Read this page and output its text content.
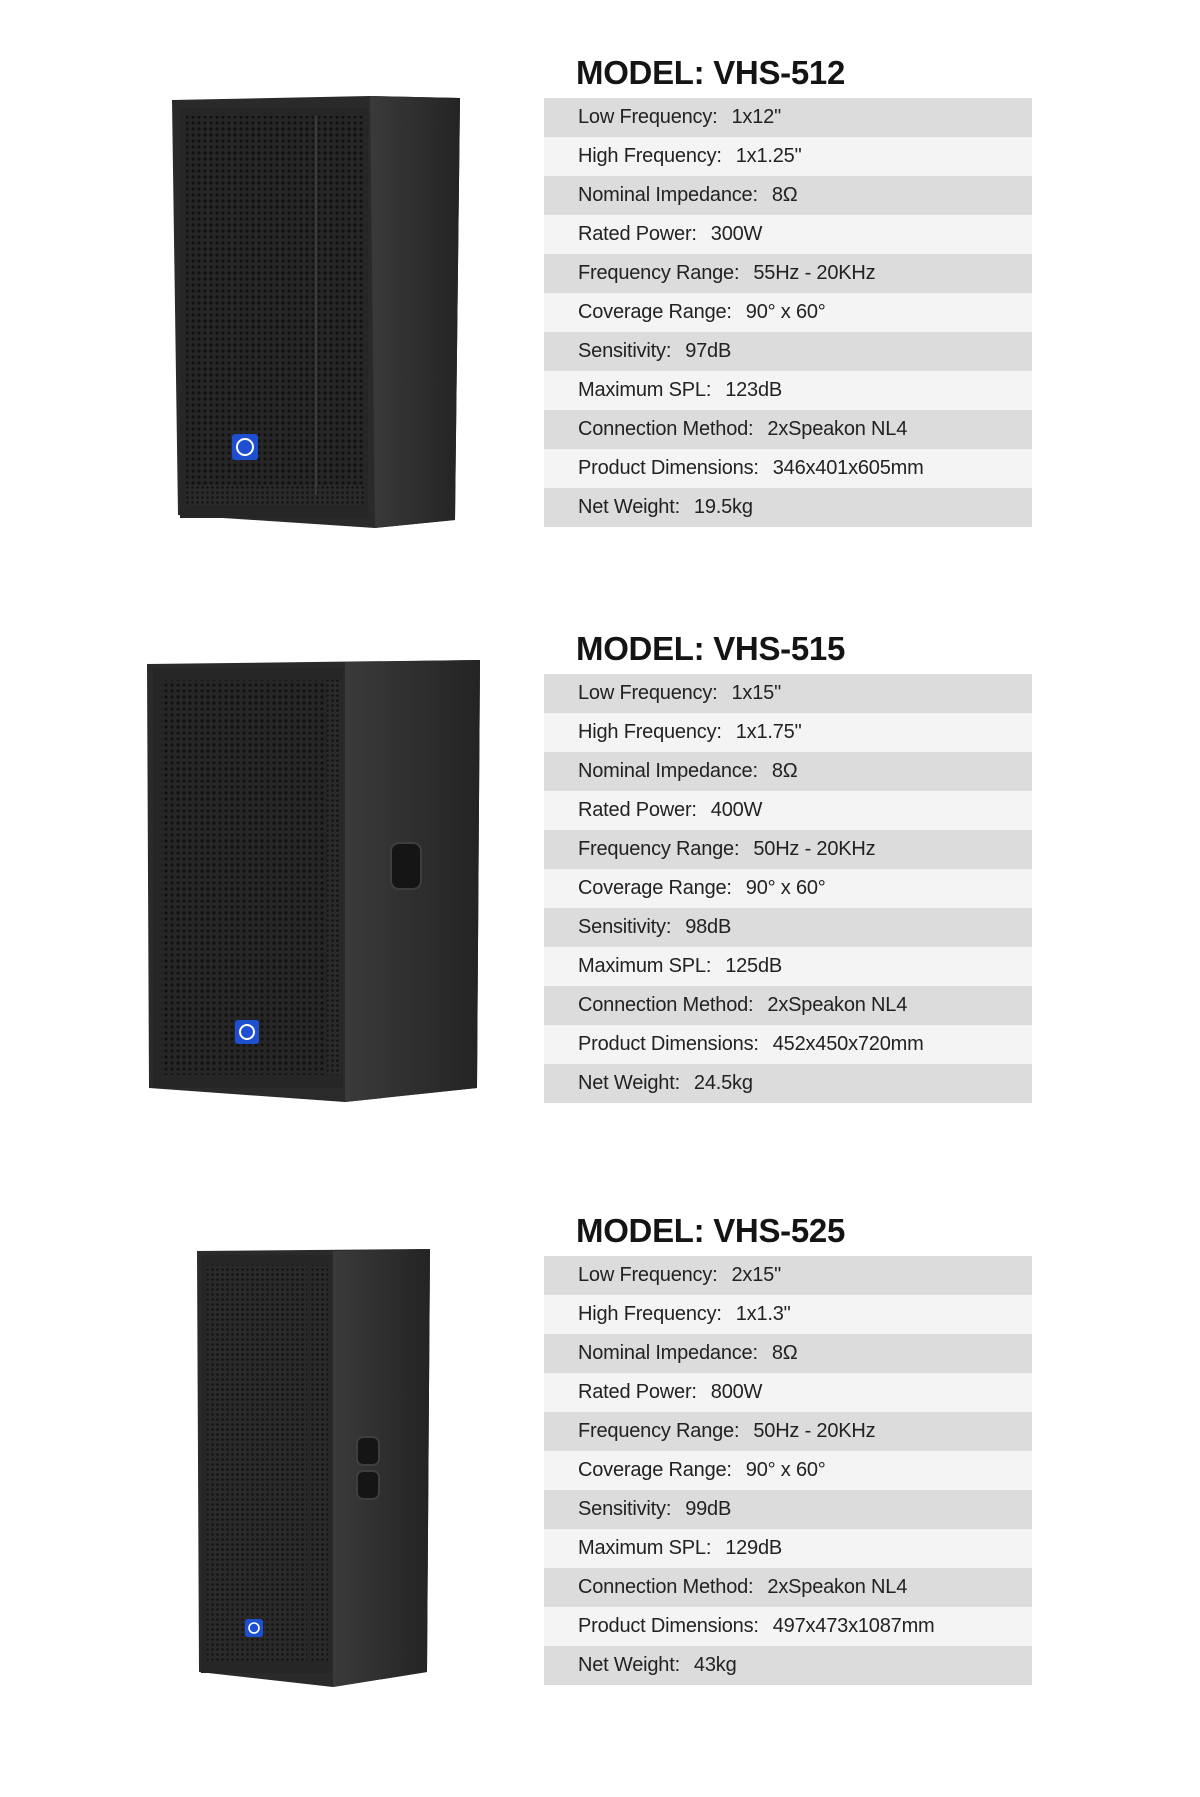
MODEL: VHS-512
Low Frequency: 1x12"
High Frequency: 1x1.25"
Nominal Impedance: 8Ω
Rated Power: 300W
Frequency Range: 55Hz - 20KHz
Coverage Range: 90° x 60°
Sensitivity: 97dB
Maximum SPL: 123dB
Connection Method: 2xSpeakon NL4
Product Dimensions: 346x401x605mm
Net Weight: 19.5kg
MODEL: VHS-515
Low Frequency: 1x15"
High Frequency: 1x1.75"
Nominal Impedance: 8Ω
Rated Power: 400W
Frequency Range: 50Hz - 20KHz
Coverage Range: 90° x 60°
Sensitivity: 98dB
Maximum SPL: 125dB
Connection Method: 2xSpeakon NL4
Product Dimensions: 452x450x720mm
Net Weight: 24.5kg
MODEL: VHS-525
Low Frequency: 2x15"
High Frequency: 1x1.3"
Nominal Impedance: 8Ω
Rated Power: 800W
Frequency Range: 50Hz - 20KHz
Coverage Range: 90° x 60°
Sensitivity: 99dB
Maximum SPL: 129dB
Connection Method: 2xSpeakon NL4
Product Dimensions: 497x473x1087mm
Net Weight: 43kg
